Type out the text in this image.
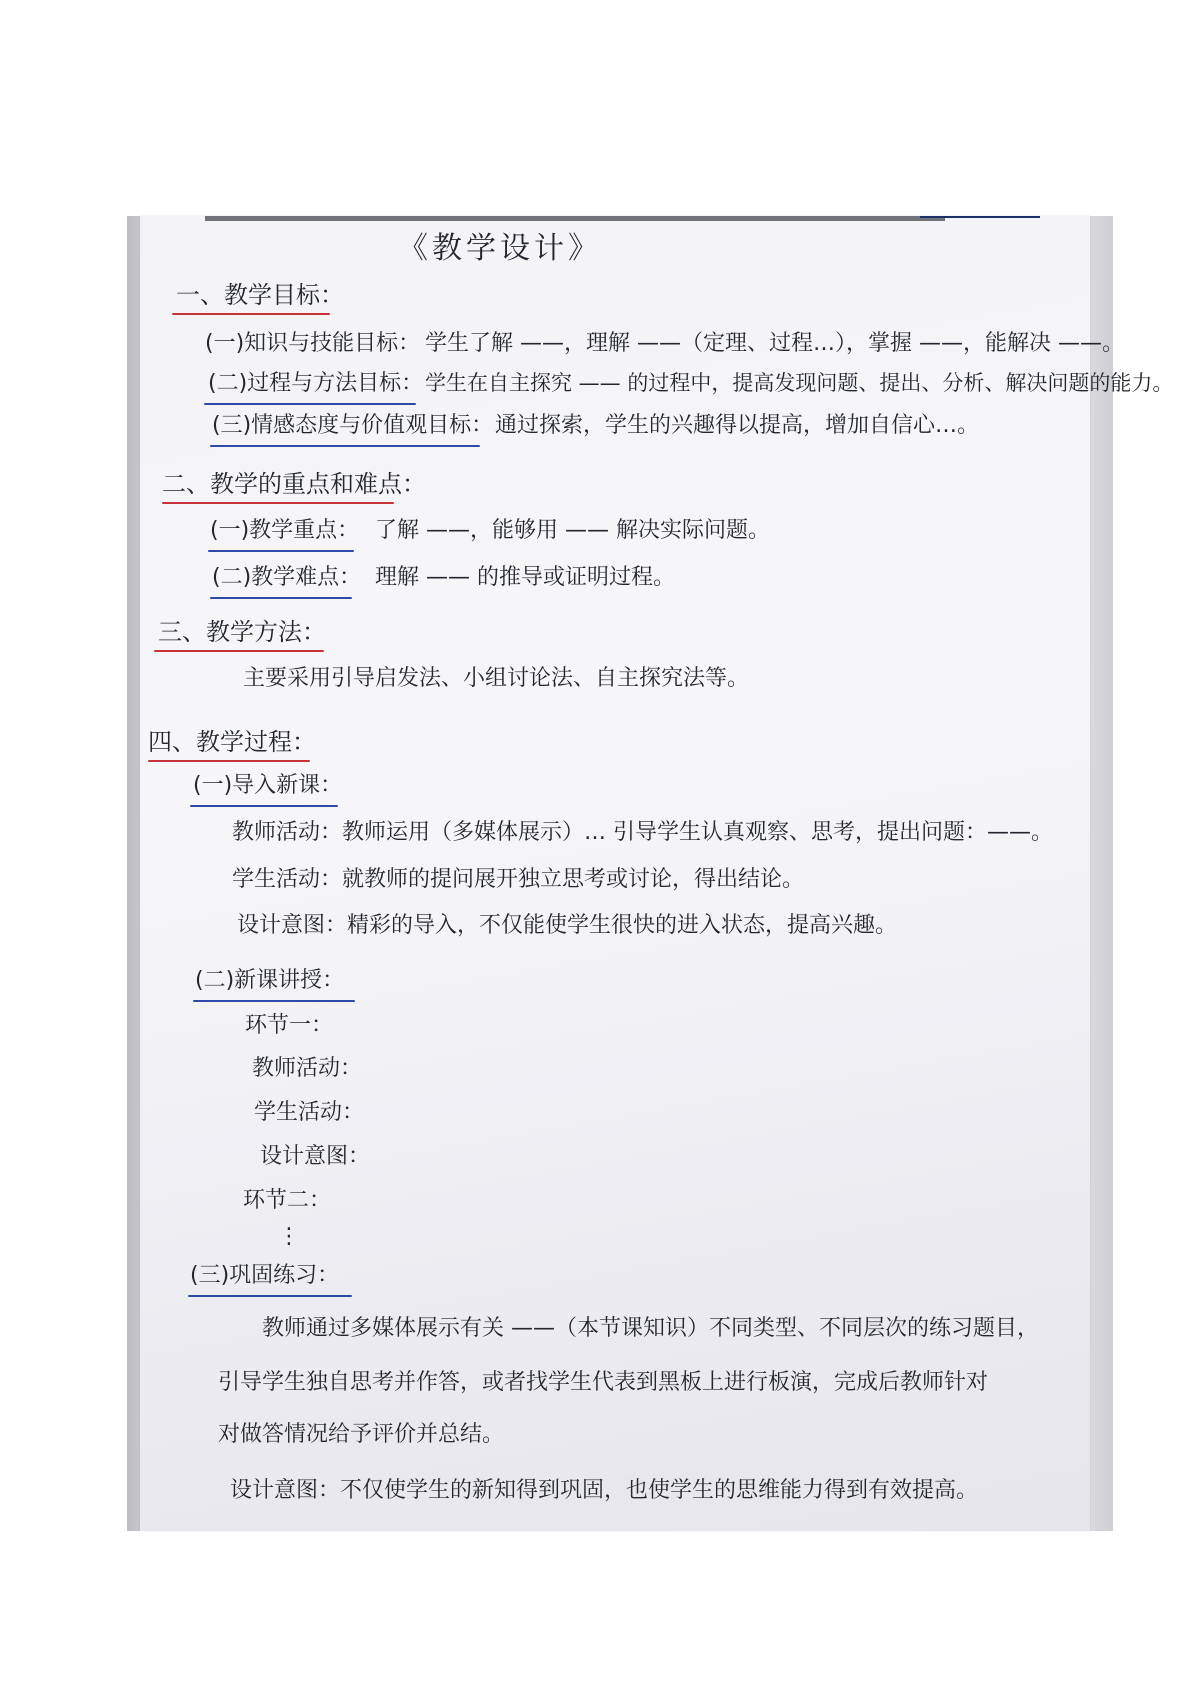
《教学设计》
一、教学目标：
(一)知识与技能目标： 学生了解 ——，理解 ——（定理、过程…），掌握 ——，能解决 ——。
(二)过程与方法目标： 学生在自主探究 —— 的过程中，提高发现问题、提出、分析、解决问题的能力。
(三)情感态度与价值观目标： 通过探索，学生的兴趣得以提高，增加自信心…。
二、教学的重点和难点：
(一)教学重点： 了解 ——，能够用 —— 解决实际问题。
(二)教学难点： 理解 —— 的推导或证明过程。
三、教学方法：
主要采用引导启发法、小组讨论法、自主探究法等。
四、教学过程：
(一)导入新课：
教师活动：教师运用（多媒体展示）… 引导学生认真观察、思考，提出问题：——。
学生活动：就教师的提问展开独立思考或讨论，得出结论。
设计意图：精彩的导入，不仅能使学生很快的进入状态，提高兴趣。
(二)新课讲授：
环节一：
教师活动：
学生活动：
设计意图：
环节二：
⋮
(三)巩固练习：
教师通过多媒体展示有关 ——（本节课知识）不同类型、不同层次的练习题目，
引导学生独自思考并作答，或者找学生代表到黑板上进行板演，完成后教师针对
对做答情况给予评价并总结。
设计意图：不仅使学生的新知得到巩固，也使学生的思维能力得到有效提高。
